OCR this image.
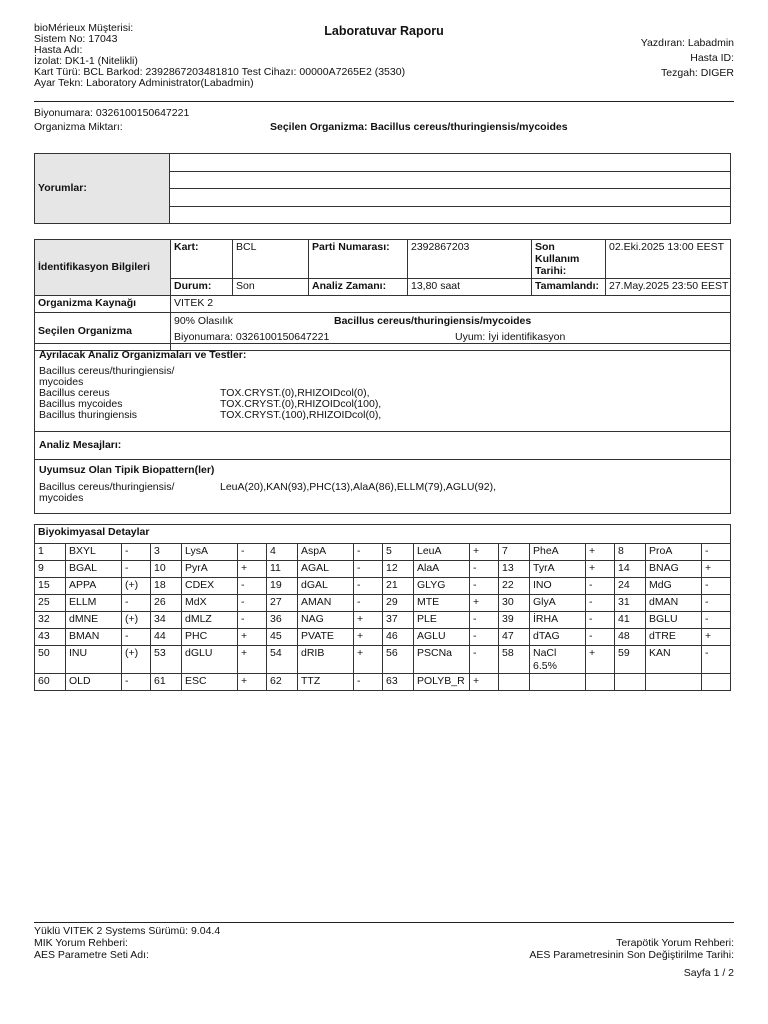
bioMérieux Müşterisi:
Sistem No: 17043
Hasta Adı:
İzolat: DK1-1 (Nitelikli)
Kart Türü: BCL Barkod: 2392867203481810 Test Cihazı: 00000A7265E2 (3530)
Ayar Tekn: Laboratory Administrator(Labadmin)
Laboratuvar Raporu
Yazdıran: Labadmin
Hasta ID:
Tezgah: DIGER
Biyonumara: 0326100150647221
Organizma Miktarı:	Seçilen Organizma: Bacillus cereus/thuringiensis/mycoides
Yorumlar:	

İdentifikasyon Bilgileri	Kart:	BCL	Parti Numarası:	2392867203	Son Kullanım Tarihi:	02.Eki.2025 13:00 EEST
	Durum:	Son	Analiz Zamanı:	13,80 saat	Tamamlandı:	27.May.2025 23:50 EEST
Organizma Kaynağı	VITEK 2					
Seçilen Organizma	90% Olasılık Bacillus cereus/thuringiensis/mycoides
Biyonumara: 0326100150647221 Uyum: İyi identifikasyon					
Ayrılacak Analiz Organizmaları ve Testler:
Bacillus cereus/thuringiensis/
mycoides
Bacillus cereus	TOX.CRYST.(0),RHIZOIDcol(0),
Bacillus mycoides	TOX.CRYST.(0),RHIZOIDcol(100),
Bacillus thuringiensis	TOX.CRYST.(100),RHIZOIDcol(0),
Analiz Mesajları:
Uyumsuz Olan Tipik Biopattern(ler)
Bacillus cereus/thuringiensis/	LeuA(20),KAN(93),PHC(13),AlaA(86),ELLM(79),AGLU(92),
mycoides
Biyokimyasal Detaylar																	
1	BXYL	-	3	LysA	-	4	AspA	-	5	LeuA	+	7	PheA	+	8	ProA	-
9	BGAL	-	10	PyrA	+	11	AGAL	-	12	AlaA	-	13	TyrA	+	14	BNAG	+
15	APPA	(+)	18	CDEX	-	19	dGAL	-	21	GLYG	-	22	INO	-	24	MdG	-
25	ELLM	-	26	MdX	-	27	AMAN	-	29	MTE	+	30	GlyA	-	31	dMAN	-
32	dMNE	(+)	34	dMLZ	-	36	NAG	+	37	PLE	-	39	İRHA	-	41	BGLU	-
43	BMAN	-	44	PHC	+	45	PVATE	+	46	AGLU	-	47	dTAG	-	48	dTRE	+
50	INU	(+)	53	dGLU	+	54	dRIB	+	56	PSCNa	-	58	NaCl 6.5%	+	59	KAN	-
60	OLD	-	61	ESC	+	62	TTZ	-	63	POLYB_R	+						
Yüklü VITEK 2 Systems Sürümü: 9.04.4
MIK Yorum Rehberi:	Terapötik Yorum Rehberi:
AES Parametre Seti Adı:	AES Parametresinin Son Değiştirilme Tarihi:
Sayfa 1 / 2
